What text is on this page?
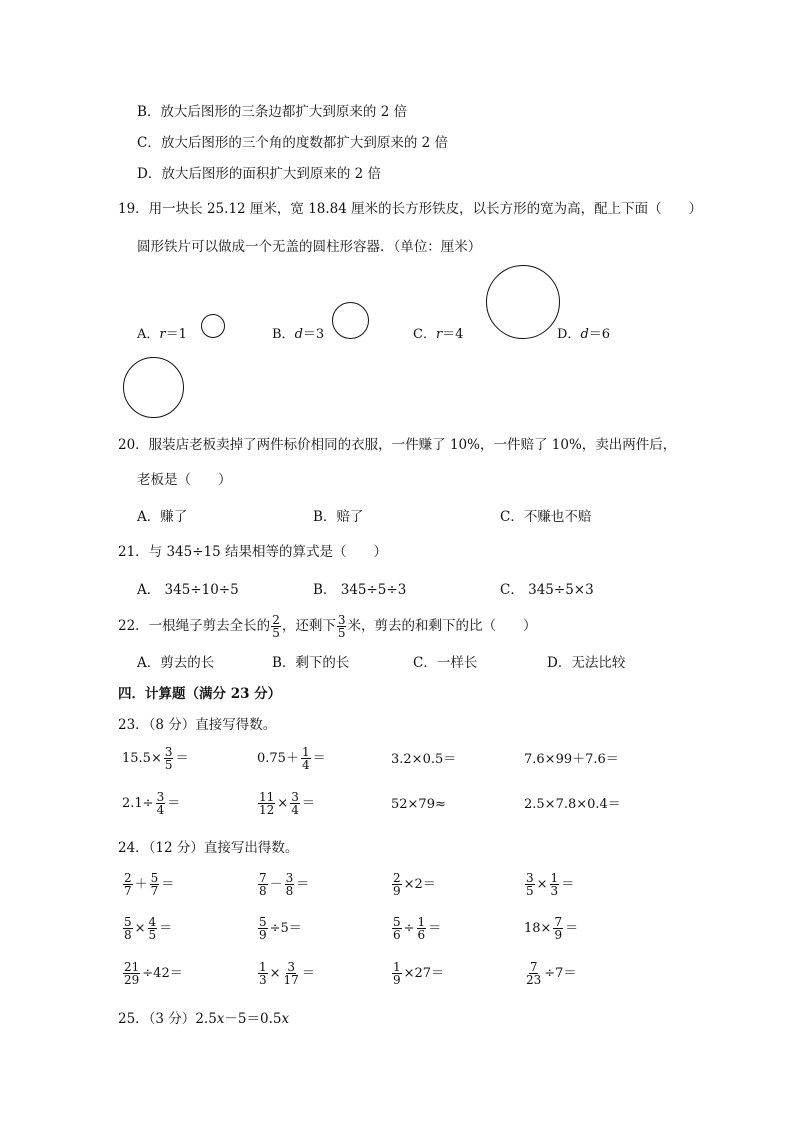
B．放大后图形的三条边都扩大到原来的 2 倍
C．放大后图形的三个角的度数都扩大到原来的 2 倍
D．放大后图形的面积扩大到原来的 2 倍
19．用一块长 25.12 厘米，宽 18.84 厘米的长方形铁皮，以长方形的宽为高，配上下面（　　）
圆形铁片可以做成一个无盖的圆柱形容器．（单位：厘米）
A．r＝1	B．d＝3	C．r＝4	D．d＝6
20．服装店老板卖掉了两件标价相同的衣服，一件赚了 10%，一件赔了 10%，卖出两件后，
老板是（　　）
A．赚了	B．赔了	C．不赚也不赔
21．与 345÷15 结果相等的算式是（　　）
A． 345÷10÷5	B． 345÷5÷3	C． 345÷5×3
22．一根绳子剪去全长的 $\frac{2}{5}$ ，还剩下 $\frac{3}{5}$ 米，剪去的和剩下的比（　　）
A．剪去的长	B．剩下的长	C．一样长	D．无法比较
四．计算题（满分 23 分）
23．（8 分）直接写得数。
$15.5\times \frac{3}{5}$ ＝	$0.75+ \frac{1}{4}$ ＝	3.2×0.5＝	7.6×99＋7.6＝
$2.1\div \frac{3}{4}$ ＝	$\frac{11}{12} \times \frac{3}{4}$ ＝	52×79≈	2.5×7.8×0.4＝
24．（12 分）直接写出得数。
$\frac{2}{7} + \frac{5}{7}$ ＝	$\frac{7}{8} - \frac{3}{8}$ ＝	$\frac{2}{9} \times 2=$	$\frac{3}{5} \times \frac{1}{3}$ ＝
$\frac{5}{8} \times \frac{4}{5}$ ＝	$\frac{5}{9} \div 5=$	$\frac{5}{6} \div \frac{1}{6}$ ＝	$18\times \frac{7}{9}$ ＝
$\frac{21}{29} \div 42=$	$\frac{1}{3} \times \frac{3}{17}$ ＝	$\frac{1}{9} \times 27=$	$\frac{7}{23} \div 7=$
25．（3 分）2.5x－5＝0.5x
